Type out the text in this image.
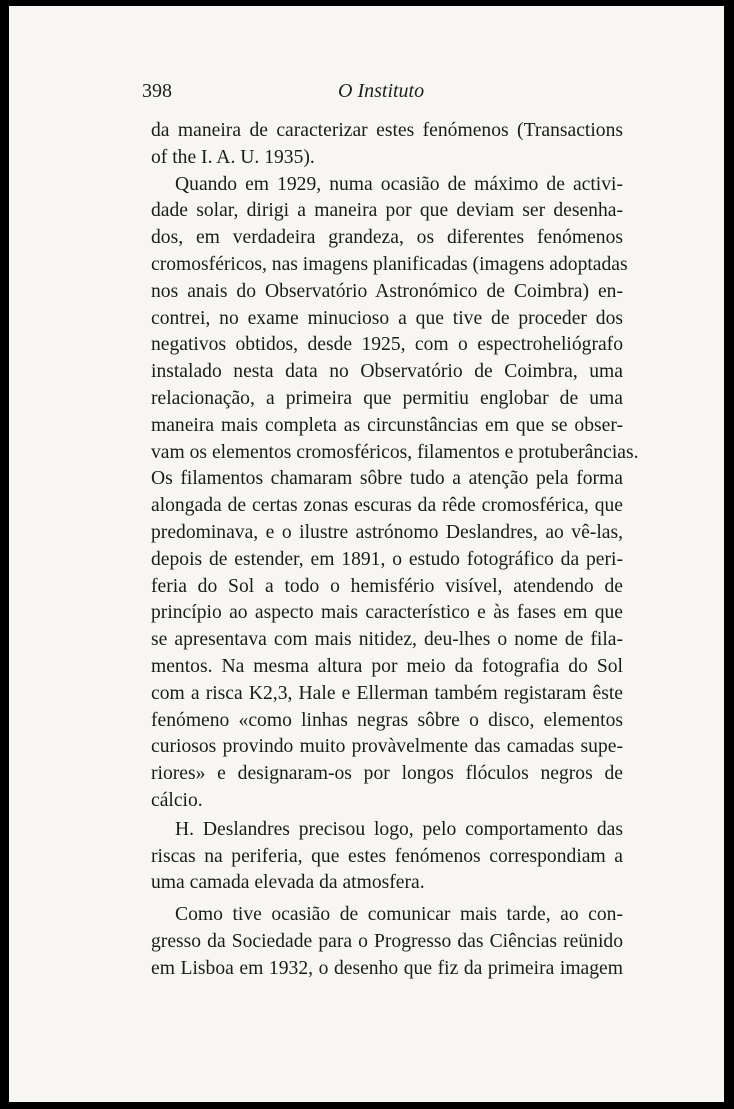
398	O Instituto
da maneira de caracterizar estes fenómenos (Transactions
of the I. A. U. 1935).
Quando em 1929, numa ocasião de máximo de activi-
dade solar, dirigi a maneira por que deviam ser desenha-
dos, em verdadeira grandeza, os diferentes fenómenos
cromosféricos, nas imagens planificadas (imagens adoptadas
nos anais do Observatório Astronómico de Coimbra) en-
contrei, no exame minucioso a que tive de proceder dos
negativos obtidos, desde 1925, com o espectroheliógrafo
instalado nesta data no Observatório de Coimbra, uma
relacionação, a primeira que permitiu englobar de uma
maneira mais completa as circunstâncias em que se obser-
vam os elementos cromosféricos, filamentos e protuberâncias.
Os filamentos chamaram sôbre tudo a atenção pela forma
alongada de certas zonas escuras da rêde cromosférica, que
predominava, e o ilustre astrónomo Deslandres, ao vê-las,
depois de estender, em 1891, o estudo fotográfico da peri-
feria do Sol a todo o hemisfério visível, atendendo de
princípio ao aspecto mais característico e às fases em que
se apresentava com mais nitidez, deu-lhes o nome de fila-
mentos. Na mesma altura por meio da fotografia do Sol
com a risca K2,3, Hale e Ellerman também registaram êste
fenómeno «como linhas negras sôbre o disco, elementos
curiosos provindo muito provàvelmente das camadas supe-
riores» e designaram-os por longos flóculos negros de
cálcio.
H. Deslandres precisou logo, pelo comportamento das
riscas na periferia, que estes fenómenos correspondiam a
uma camada elevada da atmosfera.
Como tive ocasião de comunicar mais tarde, ao con-
gresso da Sociedade para o Progresso das Ciências reünido
em Lisboa em 1932, o desenho que fiz da primeira imagem
